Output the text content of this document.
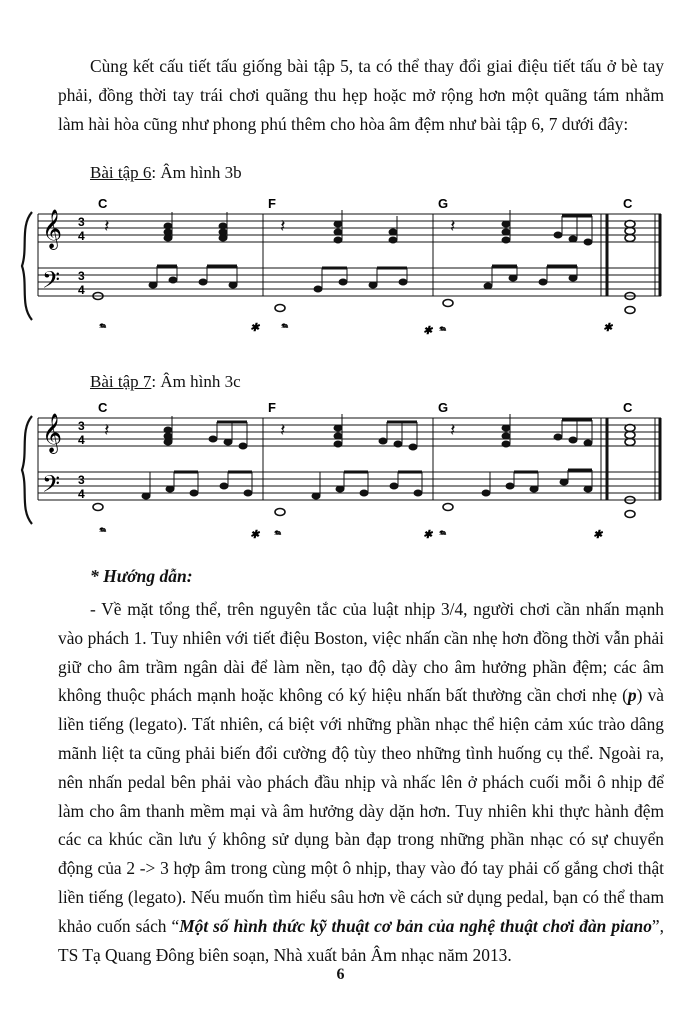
Cùng kết cấu tiết tấu giống bài tập 5, ta có thể thay đổi giai điệu tiết tấu ở bè tay phải, đồng thời tay trái chơi quãng thu hẹp hoặc mở rộng hơn một quãng tám nhằm làm hài hòa cũng như phong phú thêm cho hòa âm đệm như bài tập 6, 7 dưới đây:

Bài tập 6: Âm hình 3b
𝄞
𝄢
3
4
3
4
C	F	G	C
𝄽	𝄽	𝄽
𝆮	✱ 𝆮	✱ 𝆮	✱
Bài tập 7: Âm hình 3c
𝄞
𝄢
3
4
3
4
C	F	G	C
𝄽	𝄽	𝄽
𝆮	✱ 𝆮	✱ 𝆮	✱
* Hướng dẫn:

- Về mặt tổng thể, trên nguyên tắc của luật nhịp 3/4, người chơi cần nhấn mạnh vào phách 1. Tuy nhiên với tiết điệu Boston, việc nhấn cần nhẹ hơn đồng thời vẫn phải giữ cho âm trầm ngân dài để làm nền, tạo độ dày cho âm hưởng phần đệm; các âm không thuộc phách mạnh hoặc không có ký hiệu nhấn bất thường cần chơi nhẹ (p) và liền tiếng (legato). Tất nhiên, cá biệt với những phần nhạc thể hiện cảm xúc trào dâng mãnh liệt ta cũng phải biến đổi cường độ tùy theo những tình huống cụ thể. Ngoài ra, nên nhấn pedal bên phải vào phách đầu nhịp và nhấc lên ở phách cuối mỗi ô nhịp để làm cho âm thanh mềm mại và âm hưởng dày dặn hơn. Tuy nhiên khi thực hành đệm các ca khúc cần lưu ý không sử dụng bàn đạp trong những phần nhạc có sự chuyển động của 2 -> 3 hợp âm trong cùng một ô nhịp, thay vào đó tay phải cố gắng chơi thật liền tiếng (legato). Nếu muốn tìm hiểu sâu hơn về cách sử dụng pedal, bạn có thể tham khảo cuốn sách “Một số hình thức kỹ thuật cơ bản của nghệ thuật chơi đàn piano”, TS Tạ Quang Đông biên soạn, Nhà xuất bản Âm nhạc năm 2013.

6
